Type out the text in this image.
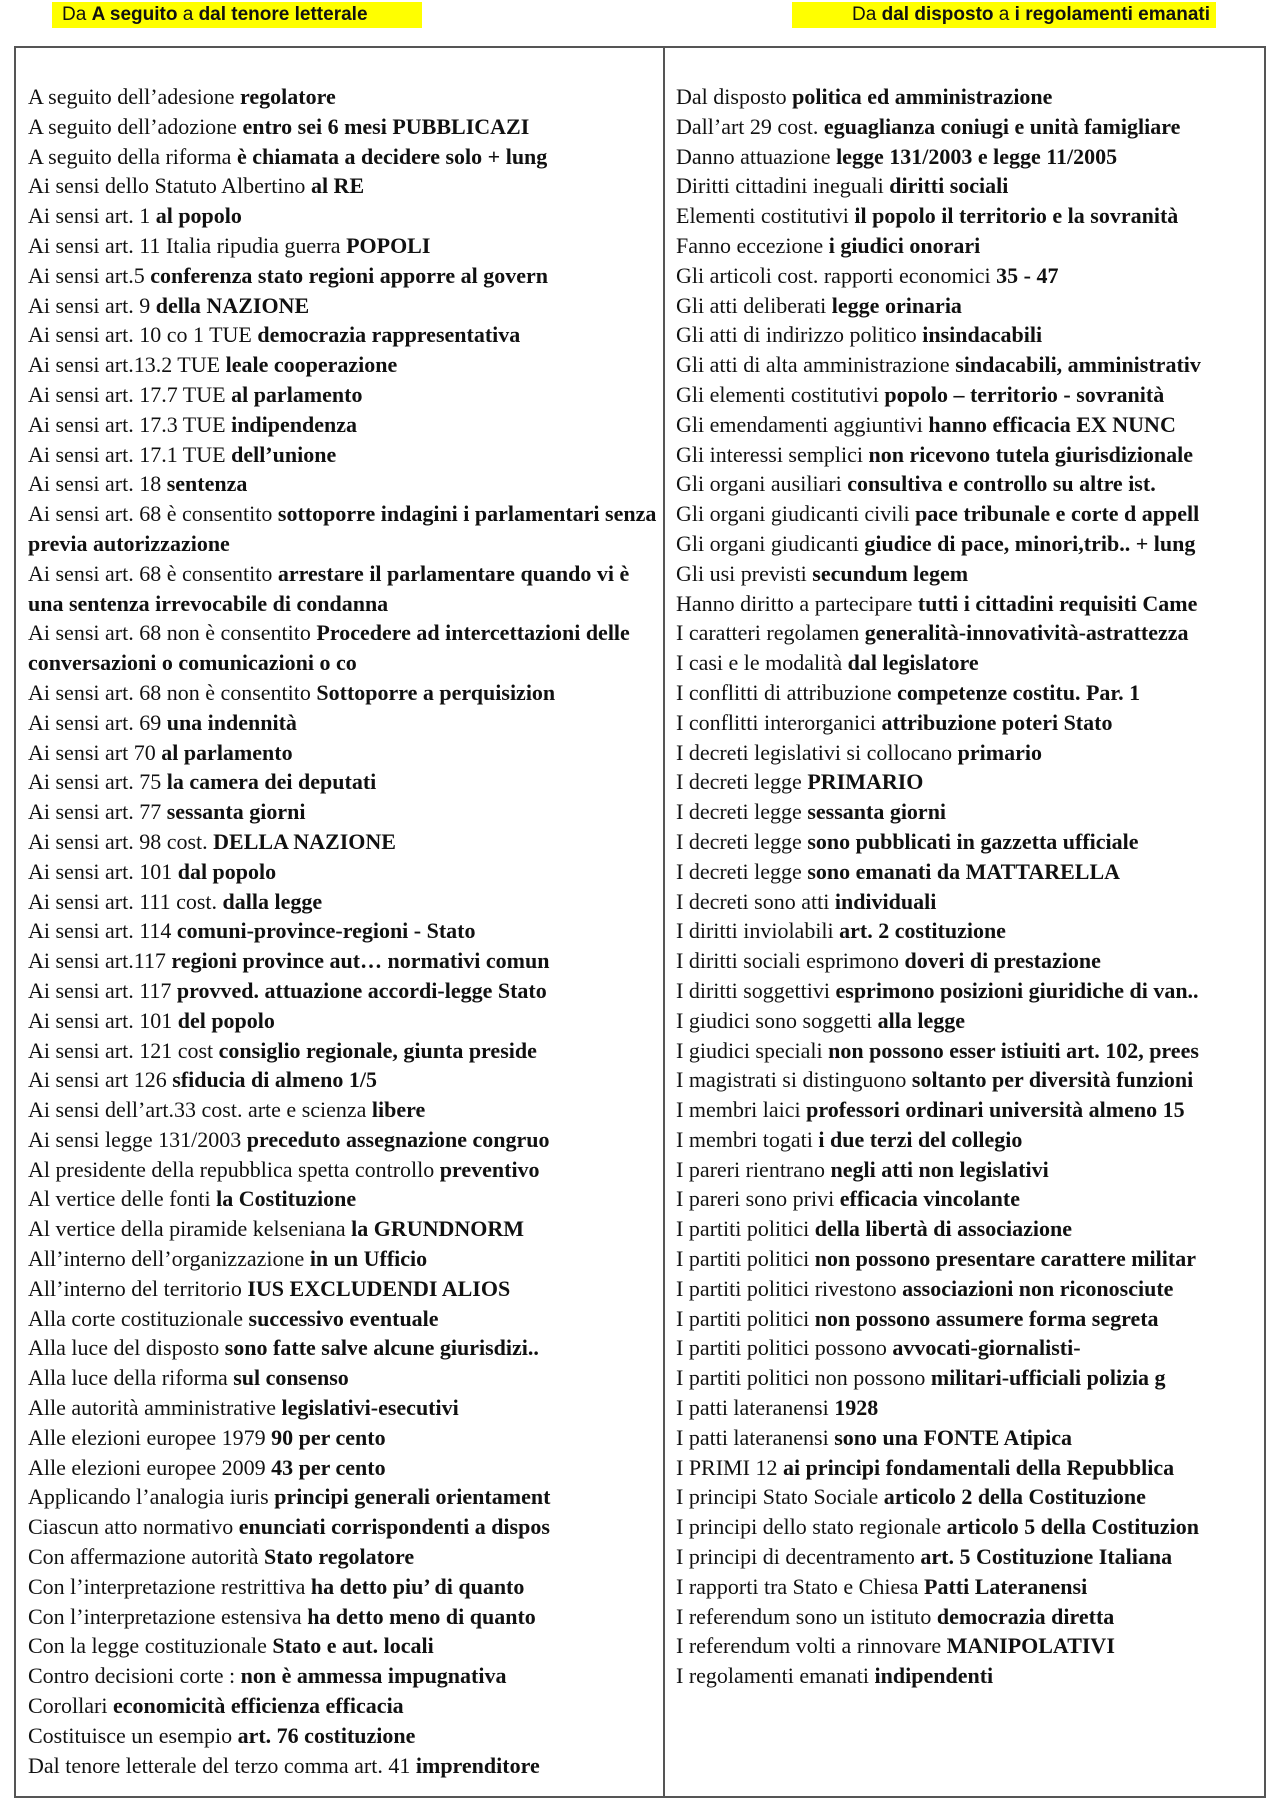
Da A seguito a dal tenore letterale	Da dal disposto a i regolamenti emanati
A seguito dell’adesione regolatore
A seguito dell’adozione entro sei 6 mesi PUBBLICAZI
A seguito della riforma è chiamata a decidere solo + lung
Ai sensi dello Statuto Albertino al RE
Ai sensi art. 1 al popolo
Ai sensi art. 11 Italia ripudia guerra POPOLI
Ai sensi art.5 conferenza stato regioni apporre al govern
Ai sensi art. 9 della NAZIONE
Ai sensi art. 10 co 1 TUE democrazia rappresentativa
Ai sensi art.13.2 TUE leale cooperazione
Ai sensi art. 17.7 TUE al parlamento
Ai sensi art. 17.3 TUE indipendenza
Ai sensi art. 17.1 TUE dell’unione
Ai sensi art. 18 sentenza
Ai sensi art. 68 è consentito sottoporre indagini i parlamentari senza previa autorizzazione
Ai sensi art. 68 è consentito arrestare il parlamentare quando vi è una sentenza irrevocabile di condanna
Ai sensi art. 68 non è consentito Procedere ad intercettazioni delle conversazioni o comunicazioni o co
Ai sensi art. 68 non è consentito Sottoporre a perquisizion
Ai sensi art. 69 una indennità
Ai sensi art 70 al parlamento
Ai sensi art. 75 la camera dei deputati
Ai sensi art. 77 sessanta giorni
Ai sensi art. 98 cost. DELLA NAZIONE
Ai sensi art. 101 dal popolo
Ai sensi art. 111 cost. dalla legge
Ai sensi art. 114 comuni-province-regioni - Stato
Ai sensi art.117 regioni province aut… normativi comun
Ai sensi art. 117 provved. attuazione accordi-legge Stato
Ai sensi art. 101 del popolo
Ai sensi art. 121 cost consiglio regionale, giunta preside
Ai sensi art 126 sfiducia di almeno 1/5
Ai sensi dell’art.33 cost. arte e scienza libere
Ai sensi legge 131/2003 preceduto assegnazione congruo
Al presidente della repubblica spetta controllo preventivo
Al vertice delle fonti la Costituzione
Al vertice della piramide kelseniana la GRUNDNORM
All’interno dell’organizzazione in un Ufficio
All’interno del territorio IUS EXCLUDENDI ALIOS
Alla corte costituzionale successivo eventuale
Alla luce del disposto sono fatte salve alcune giurisdizi..
Alla luce della riforma sul consenso
Alle autorità amministrative legislativi-esecutivi
Alle elezioni europee 1979 90 per cento
Alle elezioni europee 2009 43 per cento
Applicando l’analogia iuris principi generali orientament
Ciascun atto normativo enunciati corrispondenti a dispos
Con affermazione autorità Stato regolatore
Con l’interpretazione restrittiva ha detto piu’ di quanto
Con l’interpretazione estensiva ha detto meno di quanto
Con la legge costituzionale Stato e aut. locali
Contro decisioni corte : non è ammessa impugnativa
Corollari economicità efficienza efficacia
Costituisce un esempio art. 76 costituzione
Dal tenore letterale del terzo comma art. 41 imprenditore
Dal disposto politica ed amministrazione
Dall’art 29 cost. eguaglianza coniugi e unità famigliare
Danno attuazione legge 131/2003 e legge 11/2005
Diritti cittadini ineguali diritti sociali
Elementi costitutivi il popolo il territorio e la sovranità
Fanno eccezione i giudici onorari
Gli articoli cost. rapporti economici 35 - 47
Gli atti deliberati legge orinaria
Gli atti di indirizzo politico insindacabili
Gli atti di alta amministrazione sindacabili, amministrativ
Gli elementi costitutivi popolo – territorio - sovranità
Gli emendamenti aggiuntivi hanno efficacia EX NUNC
Gli interessi semplici non ricevono tutela giurisdizionale
Gli organi ausiliari consultiva e controllo su altre ist.
Gli organi giudicanti civili pace tribunale e corte d appell
Gli organi giudicanti giudice di pace, minori,trib.. + lung
Gli usi previsti secundum legem
Hanno diritto a partecipare tutti i cittadini requisiti Came
I caratteri regolamen generalità-innovatività-astrattezza
I casi e le modalità dal legislatore
I conflitti di attribuzione competenze costitu. Par. 1
I conflitti interorganici attribuzione poteri Stato
I decreti legislativi si collocano primario
I decreti legge PRIMARIO
I decreti legge sessanta giorni
I decreti legge sono pubblicati in gazzetta ufficiale
I decreti legge sono emanati da MATTARELLA
I decreti sono atti individuali
I diritti inviolabili art. 2 costituzione
I diritti sociali esprimono doveri di prestazione
I diritti soggettivi esprimono posizioni giuridiche di van..
I giudici sono soggetti alla legge
I giudici speciali non possono esser istiuiti art. 102, prees
I magistrati si distinguono soltanto per diversità funzioni
I membri laici professori ordinari università almeno 15
I membri togati i due terzi del collegio
I pareri rientrano negli atti non legislativi
I pareri sono privi efficacia vincolante
I partiti politici della libertà di associazione
I partiti politici non possono presentare carattere militar
I partiti politici rivestono associazioni non riconosciute
I partiti politici non possono assumere forma segreta
I partiti politici possono avvocati-giornalisti-
I partiti politici non possono militari-ufficiali polizia g
I patti lateranensi 1928
I patti lateranensi sono una FONTE Atipica
I PRIMI 12 ai principi fondamentali della Repubblica
I principi Stato Sociale articolo 2 della Costituzione
I principi dello stato regionale articolo 5 della Costituzion
I principi di decentramento art. 5 Costituzione Italiana
I rapporti tra Stato e Chiesa Patti Lateranensi
I referendum sono un istituto democrazia diretta
I referendum volti a rinnovare MANIPOLATIVI
I regolamenti emanati indipendenti
